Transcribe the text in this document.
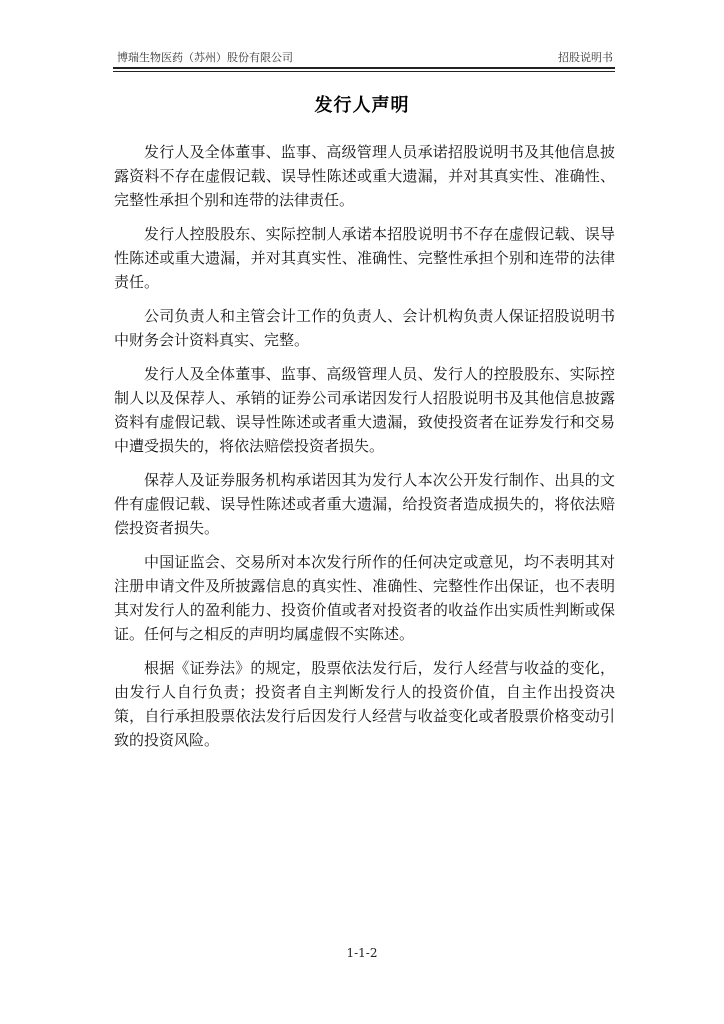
博瑞生物医药（苏州）股份有限公司	招股说明书
发行人声明

发行人及全体董事、监事、高级管理人员承诺招股说明书及其他信息披露资料不存在虚假记载、误导性陈述或重大遗漏，并对其真实性、准确性、完整性承担个别和连带的法律责任。

发行人控股股东、实际控制人承诺本招股说明书不存在虚假记载、误导性陈述或重大遗漏，并对其真实性、准确性、完整性承担个别和连带的法律责任。

公司负责人和主管会计工作的负责人、会计机构负责人保证招股说明书中财务会计资料真实、完整。

发行人及全体董事、监事、高级管理人员、发行人的控股股东、实际控制人以及保荐人、承销的证券公司承诺因发行人招股说明书及其他信息披露资料有虚假记载、误导性陈述或者重大遗漏，致使投资者在证券发行和交易中遭受损失的，将依法赔偿投资者损失。

保荐人及证券服务机构承诺因其为发行人本次公开发行制作、出具的文件有虚假记载、误导性陈述或者重大遗漏，给投资者造成损失的，将依法赔偿投资者损失。

中国证监会、交易所对本次发行所作的任何决定或意见，均不表明其对注册申请文件及所披露信息的真实性、准确性、完整性作出保证，也不表明其对发行人的盈利能力、投资价值或者对投资者的收益作出实质性判断或保证。任何与之相反的声明均属虚假不实陈述。

根据《证券法》的规定，股票依法发行后，发行人经营与收益的变化，由发行人自行负责；投资者自主判断发行人的投资价值，自主作出投资决策，自行承担股票依法发行后因发行人经营与收益变化或者股票价格变动引致的投资风险。

1-1-2
